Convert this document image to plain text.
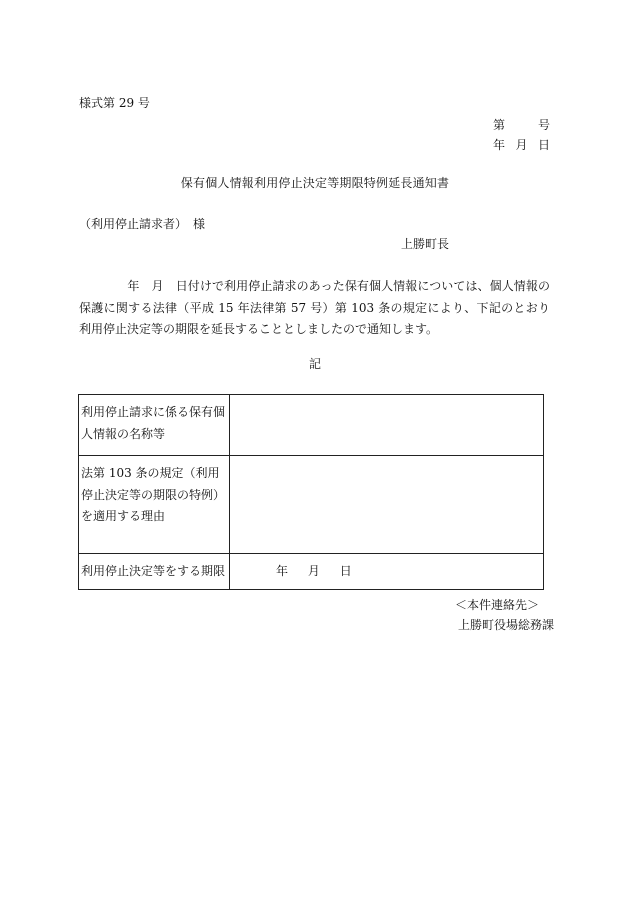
様式第 29 号
第	号
年 月 日
保有個人情報利用停止決定等期限特例延長通知書
（利用停止請求者）　様
上勝町長
　　　　年　月　日付けで利用停止請求のあった保有個人情報については、個人情報の保護に関する法律（平成 15 年法律第 57 号）第 103 条の規定により、下記のとおり利用停止決定等の期限を延長することとしましたので通知します。
記
利用停止請求に係る保有個人情報の名称等	
法第 103 条の規定（利用停止決定等の期限の特例）を適用する理由	
利用停止決定等をする期限	年 月 日
＜本件連絡先＞
上勝町役場総務課
